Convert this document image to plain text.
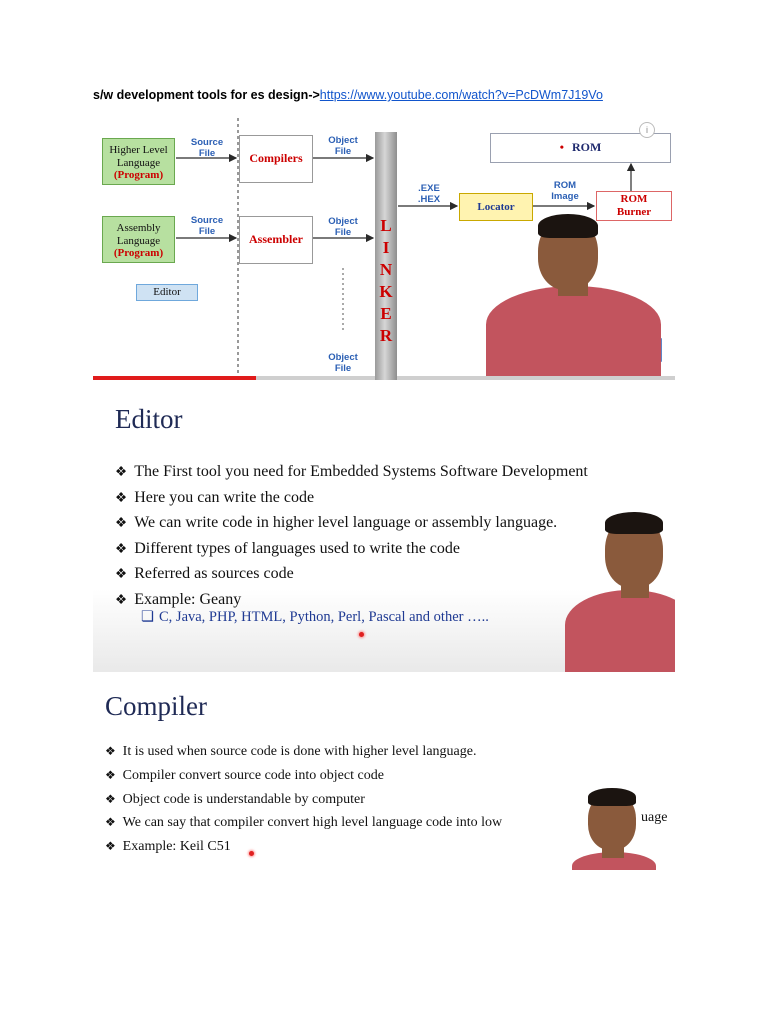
s/w development tools for es design->https://www.youtube.com/watch?v=PcDWm7J19Vo
Higher Level
Language
(Program)
Assembly
Language
(Program)
Editor
Source File
Source File
Compilers
Assembler
Object File
Object File
Object File
L
I
N
K
E
R
.EXE
.HEX
Locator
ROM Image	ROM
Burner
• ROM
i
Editor
❖ The First tool you need for Embedded Systems Software Development
❖ Here you can write the code
❖ We can write code in higher level language or assembly language.
❖ Different types of languages used to write the code
❖ Referred as sources code
❖ Example: Geany
❏ C, Java, PHP, HTML, Python, Perl, Pascal and other …..
Compiler
❖ It is used when source code is done with higher level language.
❖ Compiler convert source code into object code
❖ Object code is understandable by computer
❖ We can say that compiler convert high level language code into low
❖ Example: Keil C51
uage
